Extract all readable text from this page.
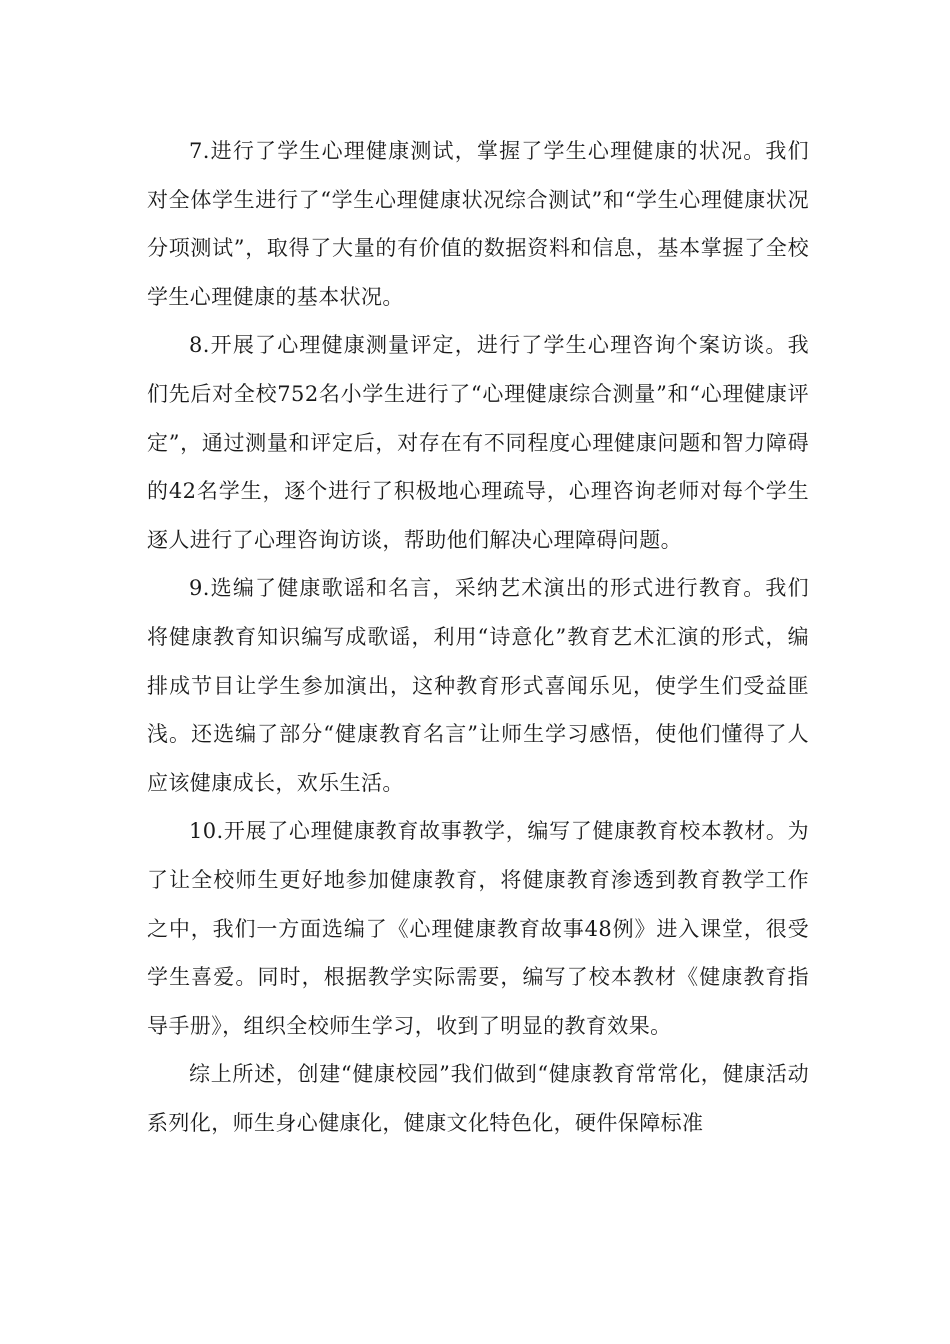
7.进行了学生心理健康测试，掌握了学生心理健康的状况。我们对全体学生进行了“学生心理健康状况综合测试”和“学生心理健康状况分项测试”，取得了大量的有价值的数据资料和信息，基本掌握了全校学生心理健康的基本状况。

8.开展了心理健康测量评定，进行了学生心理咨询个案访谈。我们先后对全校752名小学生进行了“心理健康综合测量”和“心理健康评定”，通过测量和评定后，对存在有不同程度心理健康问题和智力障碍的42名学生，逐个进行了积极地心理疏导，心理咨询老师对每个学生逐人进行了心理咨询访谈，帮助他们解决心理障碍问题。

9.选编了健康歌谣和名言，采纳艺术演出的形式进行教育。我们将健康教育知识编写成歌谣，利用“诗意化”教育艺术汇演的形式，编排成节目让学生参加演出，这种教育形式喜闻乐见，使学生们受益匪浅。还选编了部分“健康教育名言”让师生学习感悟，使他们懂得了人应该健康成长，欢乐生活。

10.开展了心理健康教育故事教学，编写了健康教育校本教材。为了让全校师生更好地参加健康教育，将健康教育渗透到教育教学工作之中，我们一方面选编了《心理健康教育故事48例》进入课堂，很受学生喜爱。同时，根据教学实际需要，编写了校本教材《健康教育指导手册》，组织全校师生学习，收到了明显的教育效果。

综上所述，创建“健康校园”我们做到“健康教育常常化，健康活动系列化，师生身心健康化，健康文化特色化，硬件保障标准
